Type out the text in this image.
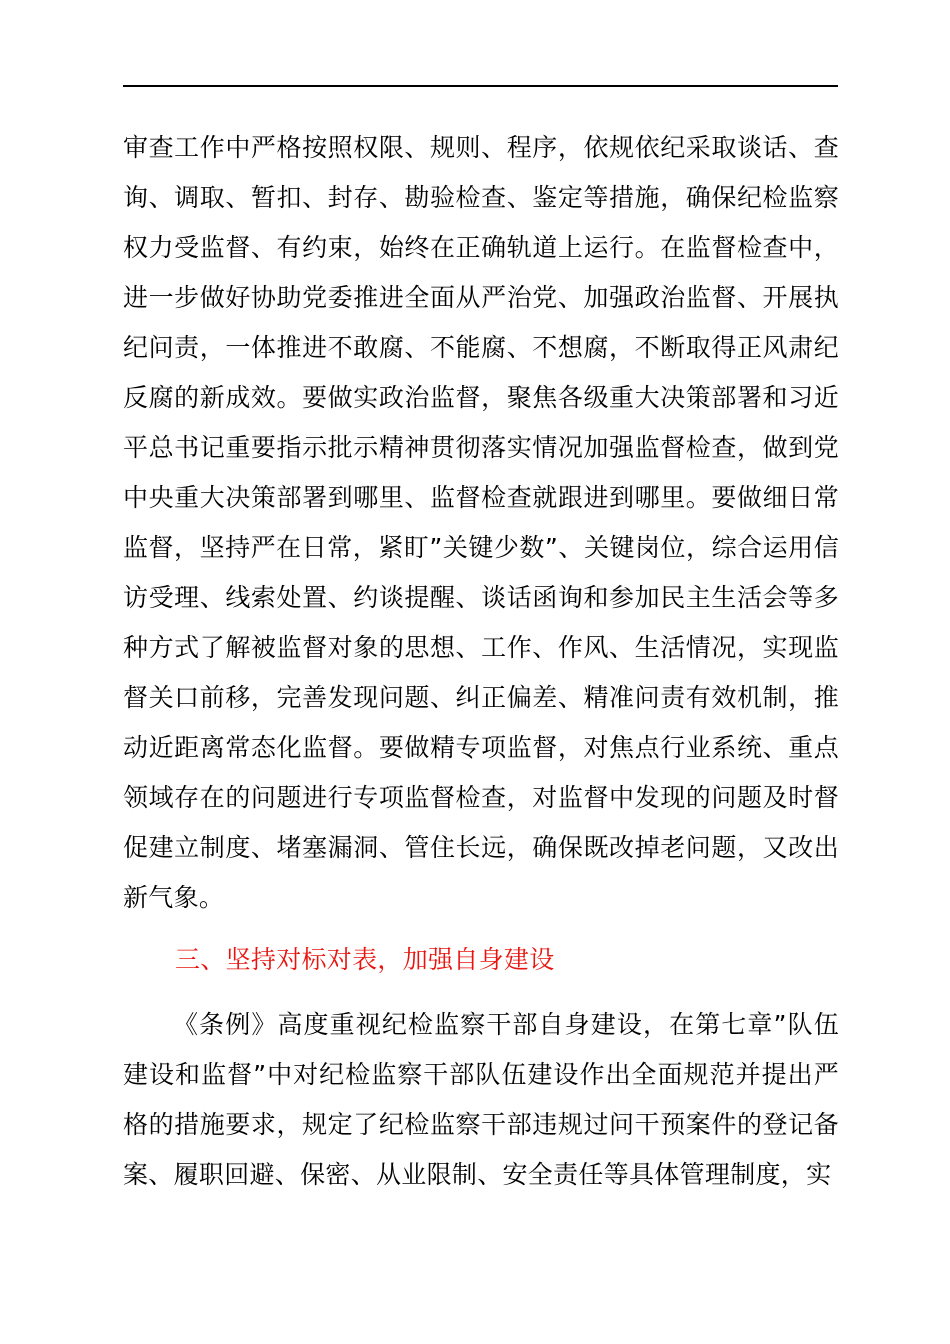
审查工作中严格按照权限、规则、程序，依规依纪采取谈话、查询、调取、暂扣、封存、勘验检查、鉴定等措施，确保纪检监察权力受监督、有约束，始终在正确轨道上运行。在监督检查中，进一步做好协助党委推进全面从严治党、加强政治监督、开展执纪问责，一体推进不敢腐、不能腐、不想腐，不断取得正风肃纪反腐的新成效。要做实政治监督，聚焦各级重大决策部署和习近平总书记重要指示批示精神贯彻落实情况加强监督检查，做到党中央重大决策部署到哪里、监督检查就跟进到哪里。要做细日常监督，坚持严在日常，紧盯”关键少数”、关键岗位，综合运用信访受理、线索处置、约谈提醒、谈话函询和参加民主生活会等多种方式了解被监督对象的思想、工作、作风、生活情况，实现监督关口前移，完善发现问题、纠正偏差、精准问责有效机制，推动近距离常态化监督。要做精专项监督，对焦点行业系统、重点领域存在的问题进行专项监督检查，对监督中发现的问题及时督促建立制度、堵塞漏洞、管住长远，确保既改掉老问题，又改出新气象。

三、坚持对标对表，加强自身建设

《条例》高度重视纪检监察干部自身建设，在第七章”队伍建设和监督”中对纪检监察干部队伍建设作出全面规范并提出严格的措施要求，规定了纪检监察干部违规过问干预案件的登记备案、履职回避、保密、从业限制、安全责任等具体管理制度，实
